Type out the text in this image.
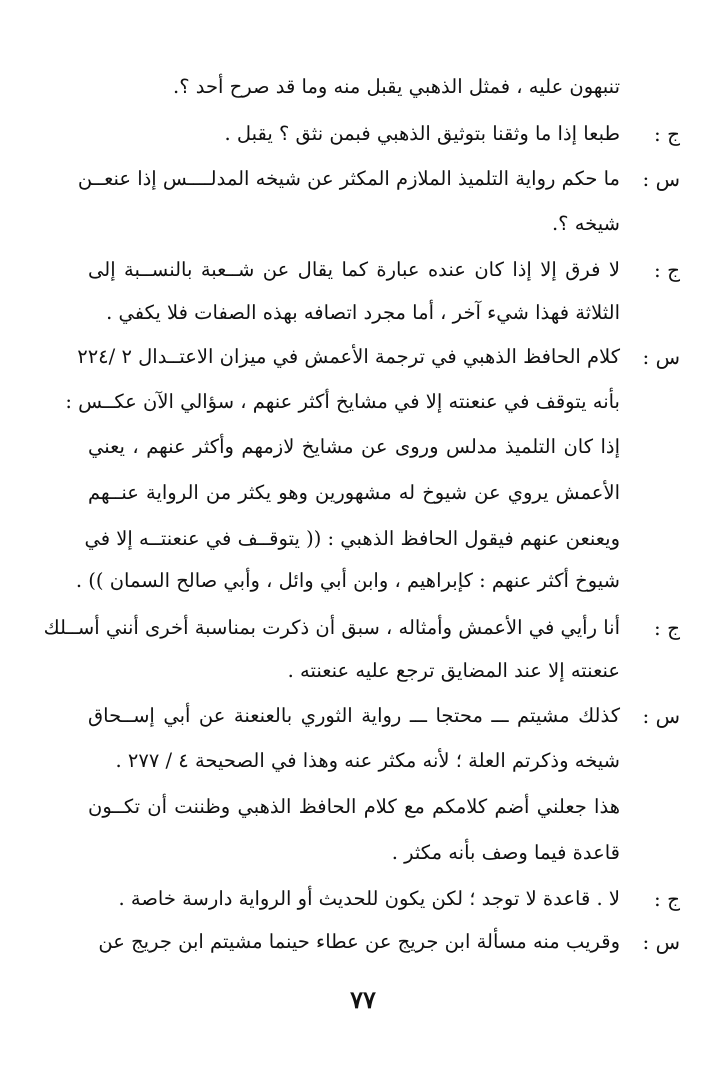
تنبهون عليه ، فمثل الذهبي يقبل منه وما قد صرح أحد ؟.
ج :
طبعا إذا ما وثقنا بتوثيق الذهبي فبمن نثق ؟ يقبل .
س :
ما حكم رواية التلميذ الملازم المكثر عن شيخه المدلــــس إذا عنعــن
شيخه ؟.
ج :
لا فرق إلا إذا كان عنده عبارة كما يقال عن شــعبة بالنســبة إلى
الثلاثة فهذا شيء آخر ، أما مجرد اتصافه بهذه الصفات فلا يكفي .
س :
كلام الحافظ الذهبي في ترجمة الأعمش في ميزان الاعتــدال ٢ /٢٢٤
بأنه يتوقف في عنعنته إلا في مشايخ أكثر عنهم ، سؤالي الآن عكــس :
إذا كان التلميذ مدلس وروى عن مشايخ لازمهم وأكثر عنهم ، يعني
الأعمش يروي عن شيوخ له مشهورين وهو يكثر من الرواية عنــهم
ويعنعن عنهم فيقول الحافظ الذهبي : (( يتوقــف في عنعنتــه إلا في
شيوخ أكثر عنهم : كإبراهيم ، وابن أبي وائل ، وأبي صالح السمان )) .
ج :
أنا رأيي في الأعمش وأمثاله ، سبق أن ذكرت بمناسبة أخرى أنني أســلك
عنعنته إلا عند المضايق ترجع عليه عنعنته .
س :
كذلك مشيتم ـــ محتجا ـــ رواية الثوري بالعنعنة عن أبي إســحاق
شيخه وذكرتم العلة ؛ لأنه مكثر عنه وهذا في الصحيحة ٤ / ٢٧٧ .
هذا جعلني أضم كلامكم مع كلام الحافظ الذهبي وظننت أن تكــون
قاعدة فيما وصف بأنه مكثر .
ج :
لا . قاعدة لا توجد ؛ لكن يكون للحديث أو الرواية دارسة خاصة .
س :
وقريب منه مسألة ابن جريج عن عطاء حينما مشيتم ابن جريج عن
٧٧
